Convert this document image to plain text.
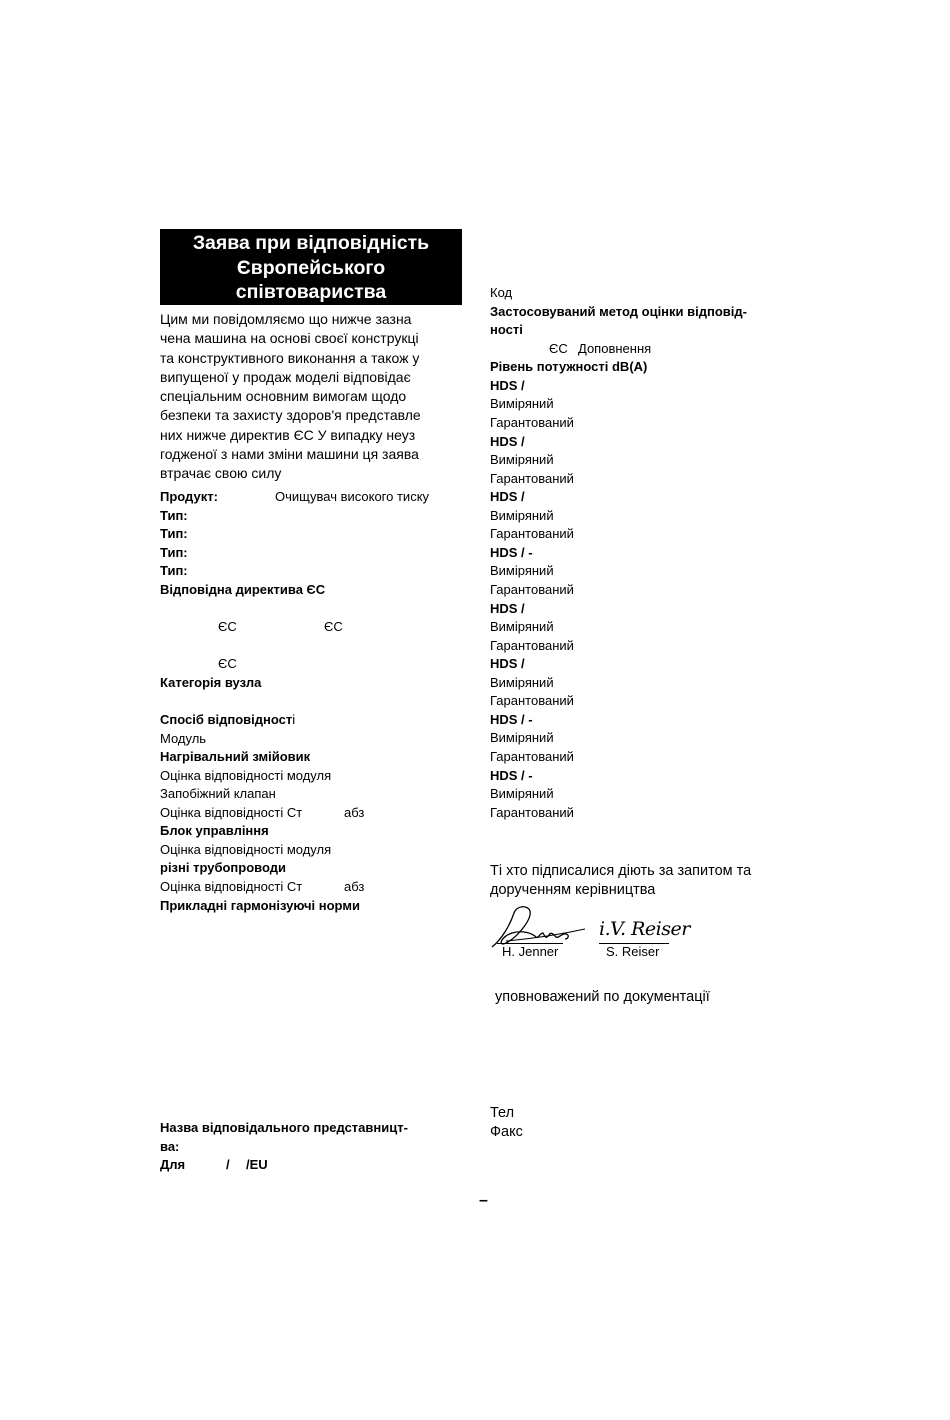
Заява при відповідність
Європейського
співтовариства
Цим ми повідомляємо що нижче зазна
чена машина на основі своєї конструкці
та конструктивного виконання а також у
випущеної у продаж моделі відповідає
спеціальним основним вимогам щодо
безпеки та захисту здоров'я представле
них нижче директив ЄС У випадку неуз
годженої з нами зміни машини ця заява
втрачає свою силу
Продукт:	Очищувач високого тиску
Тип:
Тип:
Тип:
Тип:
Відповідна директива ЄС
ЄС	ЄС
ЄС
Категорія вузла
Спосіб відповідності
Модуль
Нагрівальний змійовик
Оцінка відповідності модуля
Запобіжний клапан
Оцінка відповідності Ст	абз
Блок управління
Оцінка відповідності модуля
різні трубопроводи
Оцінка відповідності Ст	абз
Прикладні гармонізуючі норми
Назва відповідального представницт-
ва:
Для	/ /EU
Код
Застосовуваний метод оцінки відповід-
ності
ЄС Доповнення
Рівень потужності dB(A)
HDS /
Виміряний
Гарантований
HDS /
Виміряний
Гарантований
HDS /
Виміряний
Гарантований
HDS / -
Виміряний
Гарантований
HDS /
Виміряний
Гарантований
HDS /
Виміряний
Гарантований
HDS / -
Виміряний
Гарантований
HDS / -
Виміряний
Гарантований
Ті хто підписалися діють за запитом та
дорученням керівництва
H. Jenner
i.V. Reiser
S. Reiser
уповноважений по документації
Тел
Факс
–
